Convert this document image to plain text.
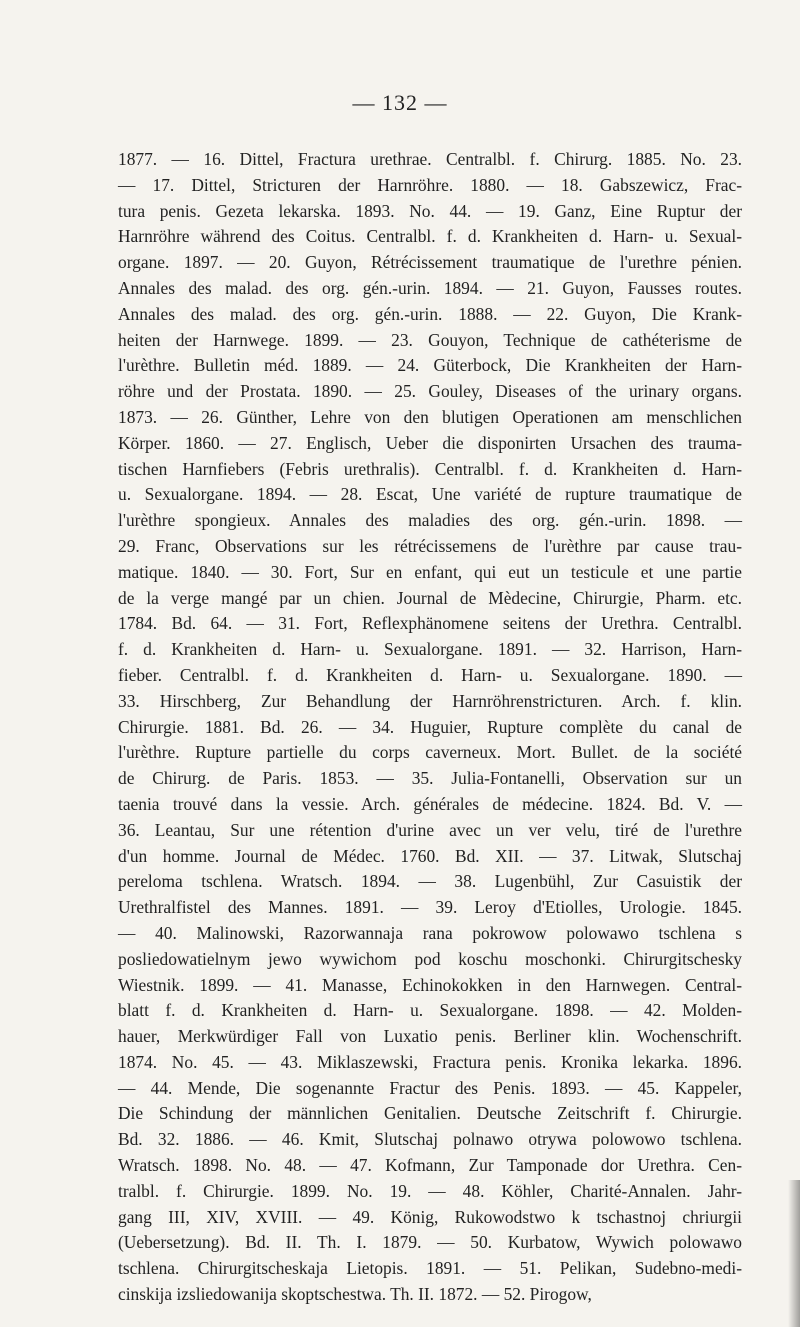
— 132 —
1877. — 16. Dittel, Fractura urethrae. Centralbl. f. Chirurg. 1885. No. 23.
— 17. Dittel, Stricturen der Harnröhre. 1880. — 18. Gabszewicz, Frac-
tura penis. Gezeta lekarska. 1893. No. 44. — 19. Ganz, Eine Ruptur der
Harnröhre während des Coitus. Centralbl. f. d. Krankheiten d. Harn- u. Sexual-
organe. 1897. — 20. Guyon, Rétrécissement traumatique de l'urethre pénien.
Annales des malad. des org. gén.-urin. 1894. — 21. Guyon, Fausses routes.
Annales des malad. des org. gén.-urin. 1888. — 22. Guyon, Die Krank-
heiten der Harnwege. 1899. — 23. Gouyon, Technique de cathéterisme de
l'urèthre. Bulletin méd. 1889. — 24. Güterbock, Die Krankheiten der Harn-
röhre und der Prostata. 1890. — 25. Gouley, Diseases of the urinary organs.
1873. — 26. Günther, Lehre von den blutigen Operationen am menschlichen
Körper. 1860. — 27. Englisch, Ueber die disponirten Ursachen des trauma-
tischen Harnfiebers (Febris urethralis). Centralbl. f. d. Krankheiten d. Harn-
u. Sexualorgane. 1894. — 28. Escat, Une variété de rupture traumatique de
l'urèthre spongieux. Annales des maladies des org. gén.-urin. 1898. —
29. Franc, Observations sur les rétrécissemens de l'urèthre par cause trau-
matique. 1840. — 30. Fort, Sur en enfant, qui eut un testicule et une partie
de la verge mangé par un chien. Journal de Mèdecine, Chirurgie, Pharm. etc.
1784. Bd. 64. — 31. Fort, Reflexphänomene seitens der Urethra. Centralbl.
f. d. Krankheiten d. Harn- u. Sexualorgane. 1891. — 32. Harrison, Harn-
fieber. Centralbl. f. d. Krankheiten d. Harn- u. Sexualorgane. 1890. —
33. Hirschberg, Zur Behandlung der Harnröhrenstricturen. Arch. f. klin.
Chirurgie. 1881. Bd. 26. — 34. Huguier, Rupture complète du canal de
l'urèthre. Rupture partielle du corps caverneux. Mort. Bullet. de la société
de Chirurg. de Paris. 1853. — 35. Julia-Fontanelli, Observation sur un
taenia trouvé dans la vessie. Arch. générales de médecine. 1824. Bd. V. —
36. Leantau, Sur une rétention d'urine avec un ver velu, tiré de l'urethre
d'un homme. Journal de Médec. 1760. Bd. XII. — 37. Litwak, Slutschaj
pereloma tschlena. Wratsch. 1894. — 38. Lugenbühl, Zur Casuistik der
Urethralfistel des Mannes. 1891. — 39. Leroy d'Etiolles, Urologie. 1845.
— 40. Malinowski, Razorwannaja rana pokrowow polowawo tschlena s
posliedowatielnym jewo wywichom pod koschu moschonki. Chirurgitschesky
Wiestnik. 1899. — 41. Manasse, Echinokokken in den Harnwegen. Central-
blatt f. d. Krankheiten d. Harn- u. Sexualorgane. 1898. — 42. Molden-
hauer, Merkwürdiger Fall von Luxatio penis. Berliner klin. Wochenschrift.
1874. No. 45. — 43. Miklaszewski, Fractura penis. Kronika lekarka. 1896.
— 44. Mende, Die sogenannte Fractur des Penis. 1893. — 45. Kappeler,
Die Schindung der männlichen Genitalien. Deutsche Zeitschrift f. Chirurgie.
Bd. 32. 1886. — 46. Kmit, Slutschaj polnawo otrywa polowowo tschlena.
Wratsch. 1898. No. 48. — 47. Kofmann, Zur Tamponade dor Urethra. Cen-
tralbl. f. Chirurgie. 1899. No. 19. — 48. Köhler, Charité-Annalen. Jahr-
gang III, XIV, XVIII. — 49. König, Rukowodstwo k tschastnoj chriurgii
(Uebersetzung). Bd. II. Th. I. 1879. — 50. Kurbatow, Wywich polowawo
tschlena. Chirurgitscheskaja Lietopis. 1891. — 51. Pelikan, Sudebno-medi-
cinskija izsliedowanija skoptschestwa. Th. II. 1872. — 52. Pirogow,
